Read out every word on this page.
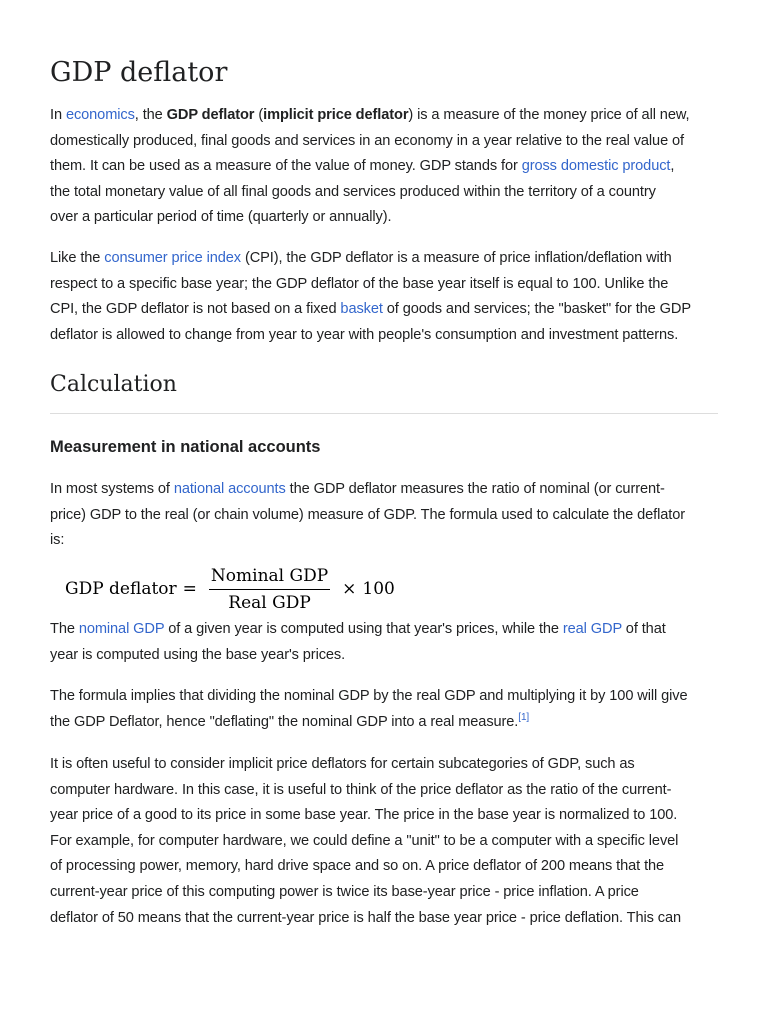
GDP deflator
In economics, the GDP deflator (implicit price deflator) is a measure of the money price of all new,
domestically produced, final goods and services in an economy in a year relative to the real value of
them. It can be used as a measure of the value of money. GDP stands for gross domestic product,
the total monetary value of all final goods and services produced within the territory of a country
over a particular period of time (quarterly or annually).
Like the consumer price index (CPI), the GDP deflator is a measure of price inflation/deflation with
respect to a specific base year; the GDP deflator of the base year itself is equal to 100. Unlike the
CPI, the GDP deflator is not based on a fixed basket of goods and services; the "basket" for the GDP
deflator is allowed to change from year to year with people's consumption and investment patterns.
Calculation
Measurement in national accounts
In most systems of national accounts the GDP deflator measures the ratio of nominal (or current-
price) GDP to the real (or chain volume) measure of GDP. The formula used to calculate the deflator
is:
GDP deflator = $\frac{\text{Nominal GDP}}{\text{Real GDP}} \times 100$
The nominal GDP of a given year is computed using that year's prices, while the real GDP of that
year is computed using the base year's prices.
The formula implies that dividing the nominal GDP by the real GDP and multiplying it by 100 will give
the GDP Deflator, hence "deflating" the nominal GDP into a real measure.[1]
It is often useful to consider implicit price deflators for certain subcategories of GDP, such as
computer hardware. In this case, it is useful to think of the price deflator as the ratio of the current-
year price of a good to its price in some base year. The price in the base year is normalized to 100.
For example, for computer hardware, we could define a "unit" to be a computer with a specific level
of processing power, memory, hard drive space and so on. A price deflator of 200 means that the
current-year price of this computing power is twice its base-year price - price inflation. A price
deflator of 50 means that the current-year price is half the base year price - price deflation. This can
